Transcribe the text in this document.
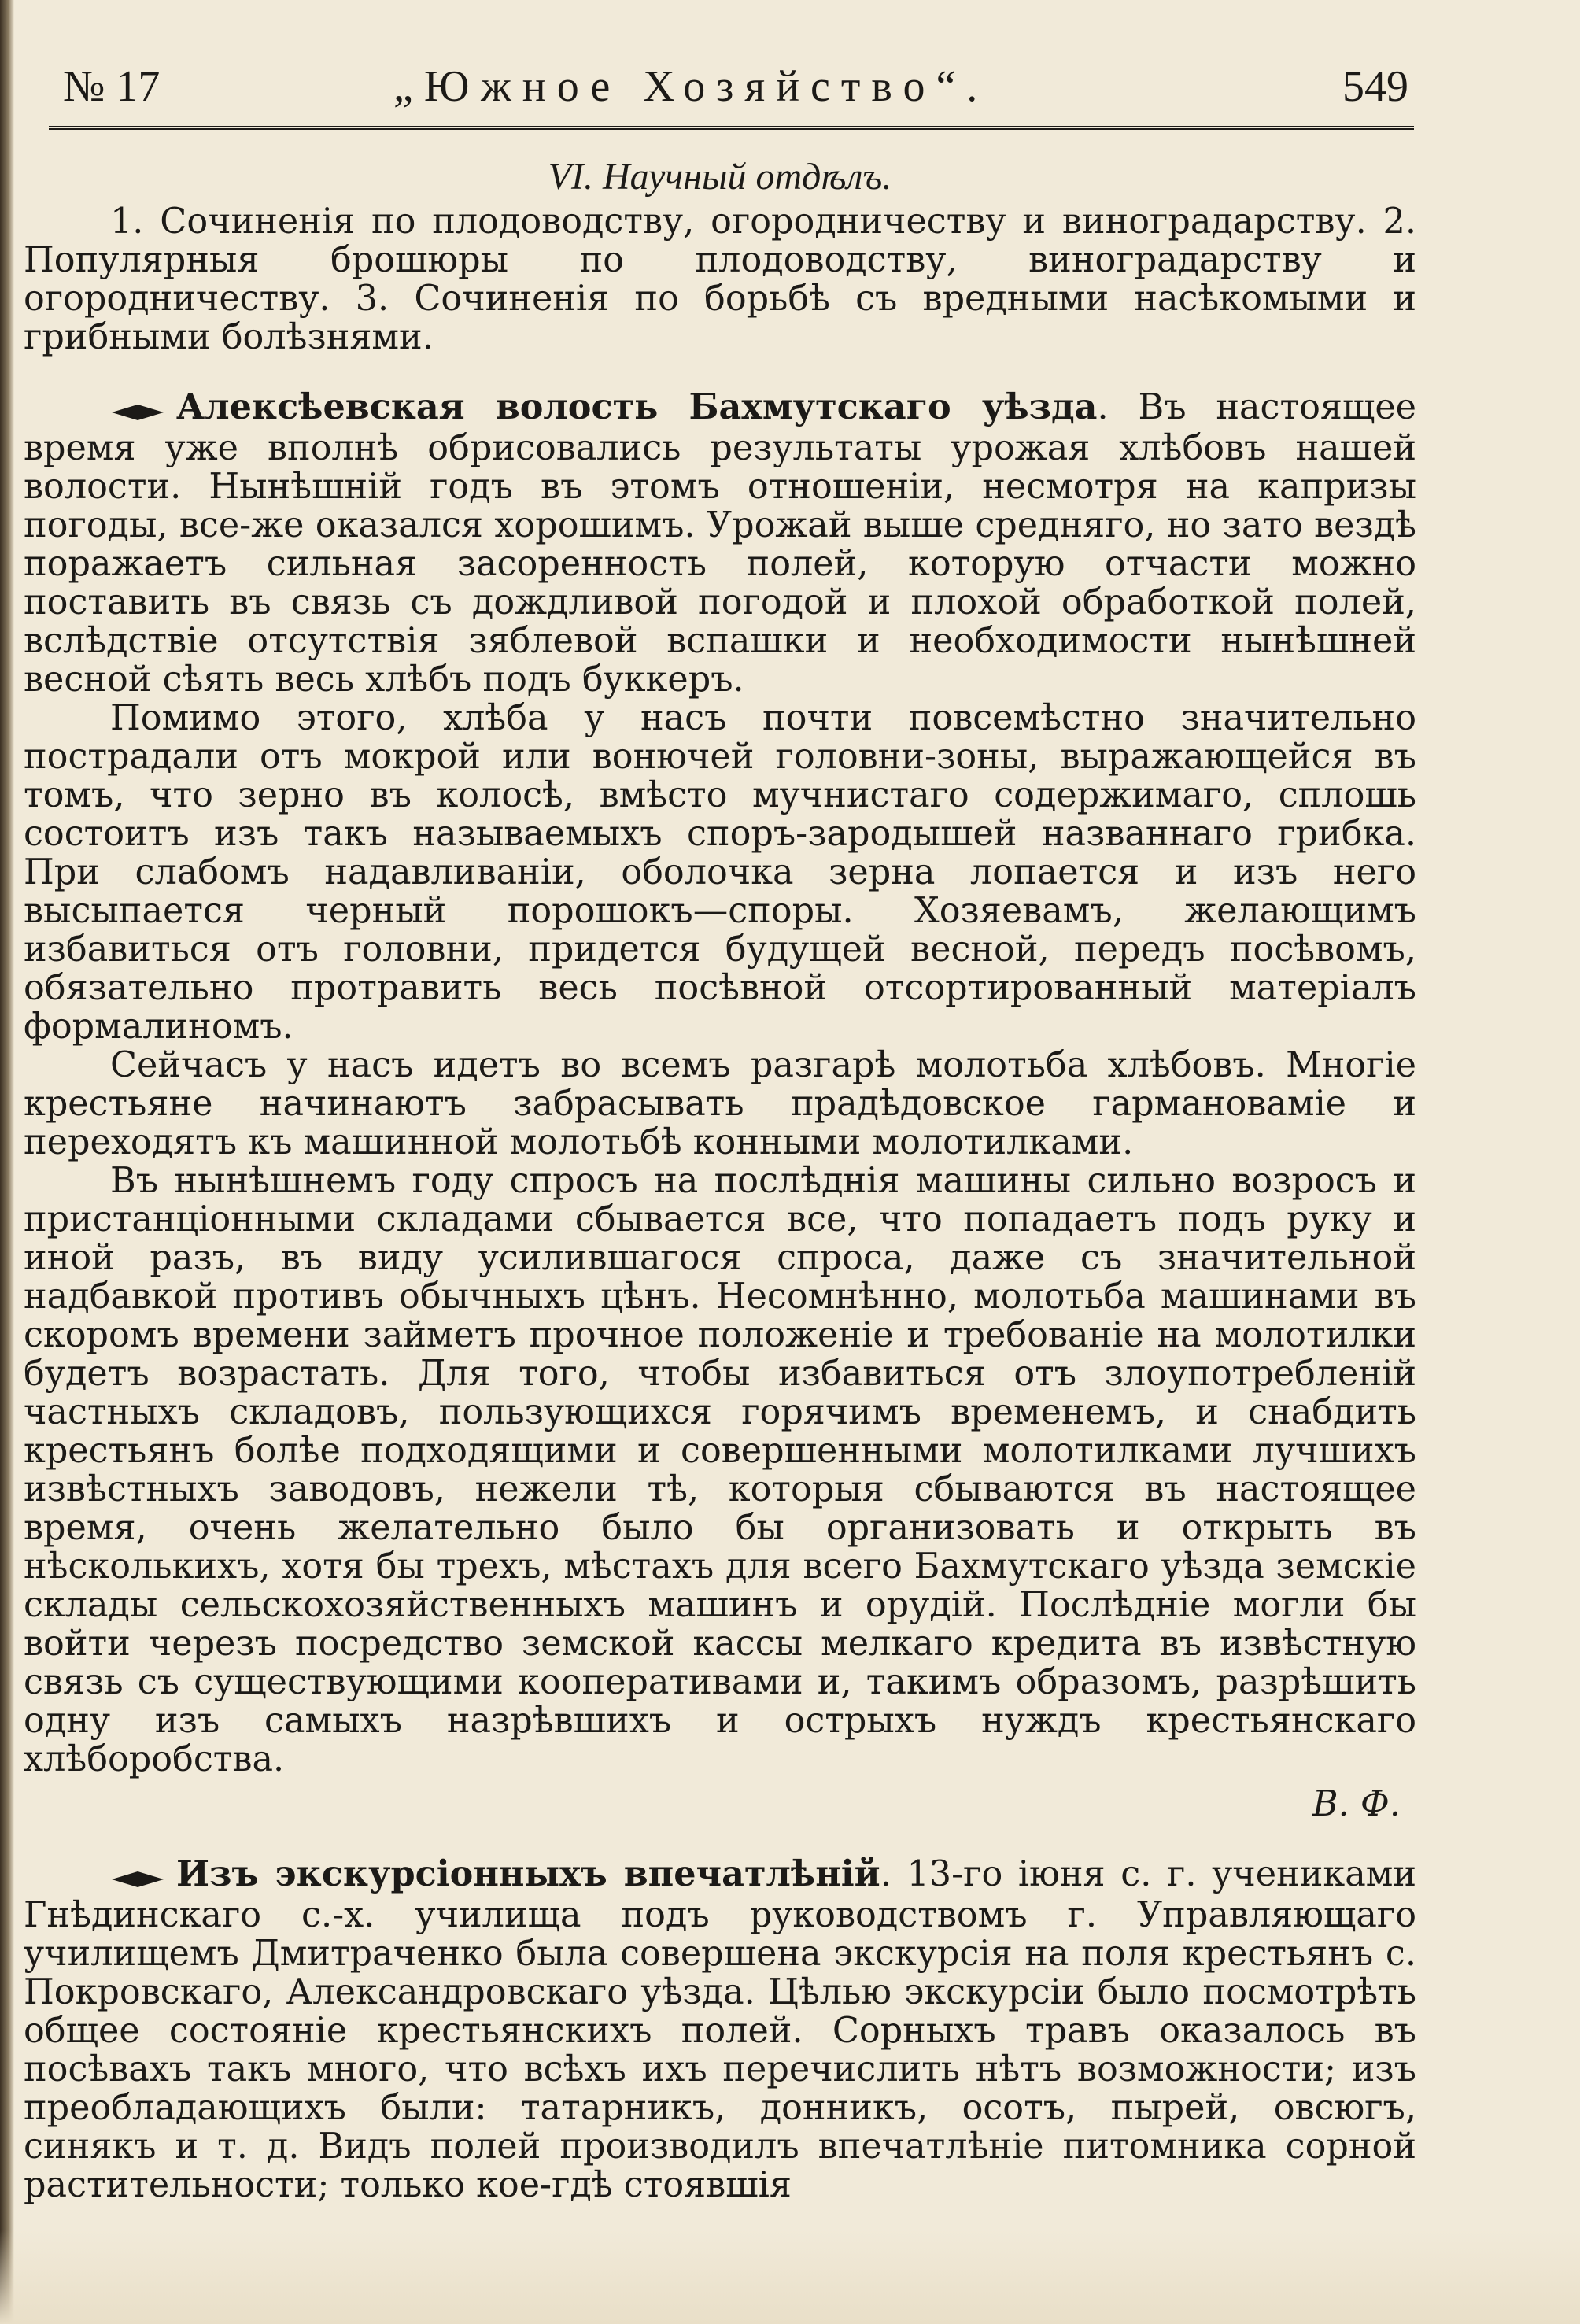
№ 17	„Южное Хозяйство“.	549
VI. Научный отдѣлъ.

1. Сочиненія по плодоводству, огородничеству и виноградарству. 2. Популярныя брошюры по плодоводству, виноградарству и огородничеству. 3. Сочиненія по борьбѣ съ вредными насѣкомыми и грибными болѣзнями.

Алексѣевская волость Бахмутскаго уѣзда. Въ настоящее время уже вполнѣ обрисовались результаты урожая хлѣбовъ нашей волости. Нынѣшній годъ въ этомъ отношеніи, несмотря на капризы погоды, все-же оказался хорошимъ. Урожай выше средняго, но зато вездѣ поражаетъ сильная засоренность полей, которую отчасти можно поставить въ связь съ дождливой погодой и плохой обработкой полей, вслѣдствіе отсутствія зяблевой вспашки и необходимости нынѣшней весной сѣять весь хлѣбъ подъ буккеръ.

Помимо этого, хлѣба у насъ почти повсемѣстно значительно пострадали отъ мокрой или вонючей головни-зоны, выражающейся въ томъ, что зерно въ колосѣ, вмѣсто мучнистаго содержимаго, сплошь состоитъ изъ такъ называемыхъ споръ-зародышей названнаго грибка. При слабомъ надавливаніи, оболочка зерна лопается и изъ него высыпается черный порошокъ—споры. Хозяевамъ, желающимъ избавиться отъ головни, придется будущей весной, передъ посѣвомъ, обязательно протравить весь посѣвной отсортированный матеріалъ формалиномъ.

Сейчасъ у насъ идетъ во всемъ разгарѣ молотьба хлѣбовъ. Многіе крестьяне начинаютъ забрасывать прадѣдовское гармановаміе и переходятъ къ машинной молотьбѣ конными молотилками.

Въ нынѣшнемъ году спросъ на послѣднія машины сильно возросъ и пристанціонными складами сбывается все, что попадаетъ подъ руку и иной разъ, въ виду усилившагося спроса, даже съ значительной надбавкой противъ обычныхъ цѣнъ. Несомнѣнно, молотьба машинами въ скоромъ времени займетъ прочное положеніе и требованіе на молотилки будетъ возрастать. Для того, чтобы избавиться отъ злоупотребленій частныхъ складовъ, пользующихся горячимъ временемъ, и снабдить крестьянъ болѣе подходящими и совершенными молотилками лучшихъ извѣстныхъ заводовъ, нежели тѣ, которыя сбываются въ настоящее время, очень желательно было бы организовать и открыть въ нѣсколькихъ, хотя бы трехъ, мѣстахъ для всего Бахмутскаго уѣзда земскіе склады сельскохозяйственныхъ машинъ и орудій. Послѣдніе могли бы войти черезъ посредство земской кассы мелкаго кредита въ извѣстную связь съ существующими кооперативами и, такимъ образомъ, разрѣшить одну изъ самыхъ назрѣвшихъ и острыхъ нуждъ крестьянскаго хлѣборобства.

В. Ф.

Изъ экскурсіонныхъ впечатлѣній. 13-го іюня с. г. учениками Гнѣдинскаго с.-х. училища подъ руководствомъ г. Управляющаго училищемъ Дмитраченко была совершена экскурсія на поля крестьянъ с. Покровскаго, Александровскаго уѣзда. Цѣлью экскурсіи было посмотрѣть общее состояніе крестьянскихъ полей. Сорныхъ травъ оказалось въ посѣвахъ такъ много, что всѣхъ ихъ перечислить нѣтъ возможности; изъ преобладающихъ были: татарникъ, донникъ, осотъ, пырей, овсюгъ, синякъ и т. д. Видъ полей производилъ впечатлѣніе питомника сорной растительности; только кое-гдѣ стоявшія
